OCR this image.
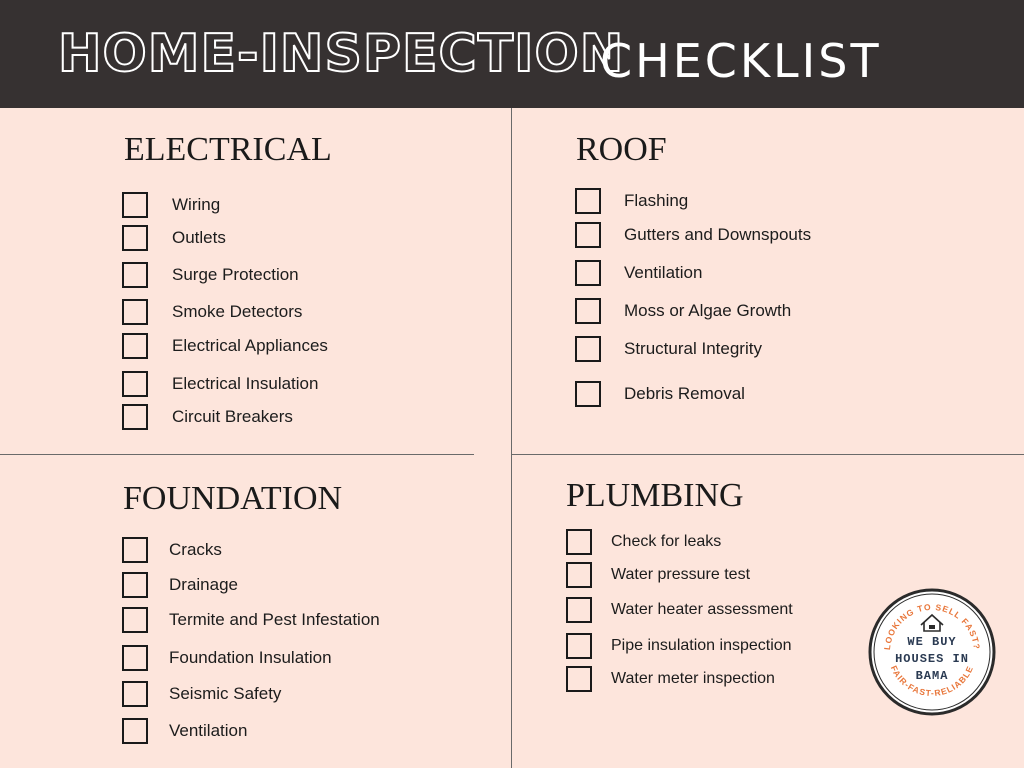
HOME-INSPECTION
CHECKLIST
ELECTRICAL
Wiring
Outlets
Surge Protection
Smoke Detectors
Electrical Appliances
Electrical Insulation
Circuit Breakers
ROOF
Flashing
Gutters and Downspouts
Ventilation
Moss or Algae Growth
Structural Integrity
Debris Removal
FOUNDATION
Cracks
Drainage
Termite and Pest Infestation
Foundation Insulation
Seismic Safety
Ventilation
PLUMBING
Check for leaks
Water pressure test
Water heater assessment
Pipe insulation inspection
Water meter inspection
LOOKING TO SELL FAST?
FAIR-FAST-RELIABLE
WE BUY
HOUSES IN
BAMA
